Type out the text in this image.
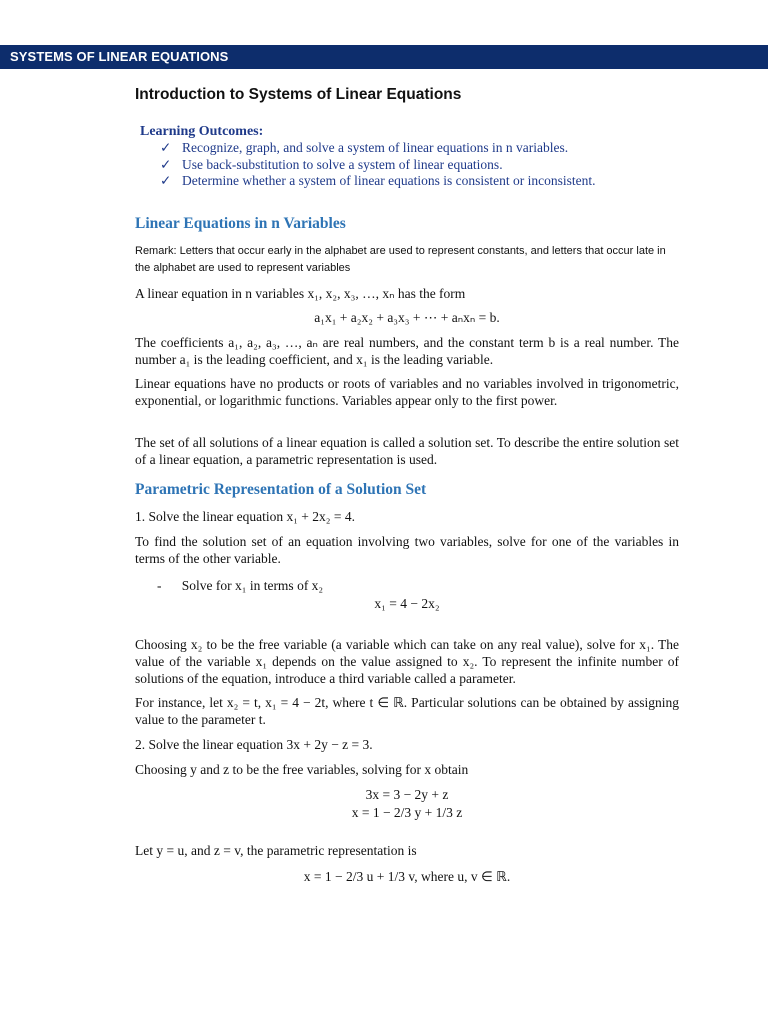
SYSTEMS OF LINEAR EQUATIONS
Introduction to Systems of Linear Equations
Learning Outcomes:
✓ Recognize, graph, and solve a system of linear equations in n variables.
✓ Use back-substitution to solve a system of linear equations.
✓ Determine whether a system of linear equations is consistent or inconsistent.
Linear Equations in n Variables
Remark: Letters that occur early in the alphabet are used to represent constants, and letters that occur late in the alphabet are used to represent variables
A linear equation in n variables x₁, x₂, x₃, …, xₙ has the form
a₁x₁ + a₂x₂ + a₃x₃ + ⋯ + aₙxₙ = b.
The coefficients a₁, a₂, a₃, …, aₙ are real numbers, and the constant term b is a real number. The number a₁ is the leading coefficient, and x₁ is the leading variable.
Linear equations have no products or roots of variables and no variables involved in trigonometric, exponential, or logarithmic functions. Variables appear only to the first power.
The set of all solutions of a linear equation is called a solution set. To describe the entire solution set of a linear equation, a parametric representation is used.
Parametric Representation of a Solution Set
1. Solve the linear equation x₁ + 2x₂ = 4.
To find the solution set of an equation involving two variables, solve for one of the variables in terms of the other variable.
-      Solve for x₁ in terms of x₂
x₁ = 4 − 2x₂
Choosing x₂ to be the free variable (a variable which can take on any real value), solve for x₁. The value of the variable x₁ depends on the value assigned to x₂. To represent the infinite number of solutions of the equation, introduce a third variable called a parameter.
For instance, let x₂ = t, x₁ = 4 − 2t, where t ∈ ℝ. Particular solutions can be obtained by assigning value to the parameter t.
2. Solve the linear equation 3x + 2y − z = 3.
Choosing y and z to be the free variables, solving for x obtain
3x = 3 − 2y + z
x = 1 − 2/3 y + 1/3 z
Let y = u, and z = v, the parametric representation is
x = 1 − 2/3 u + 1/3 v, where u, v ∈ ℝ.
